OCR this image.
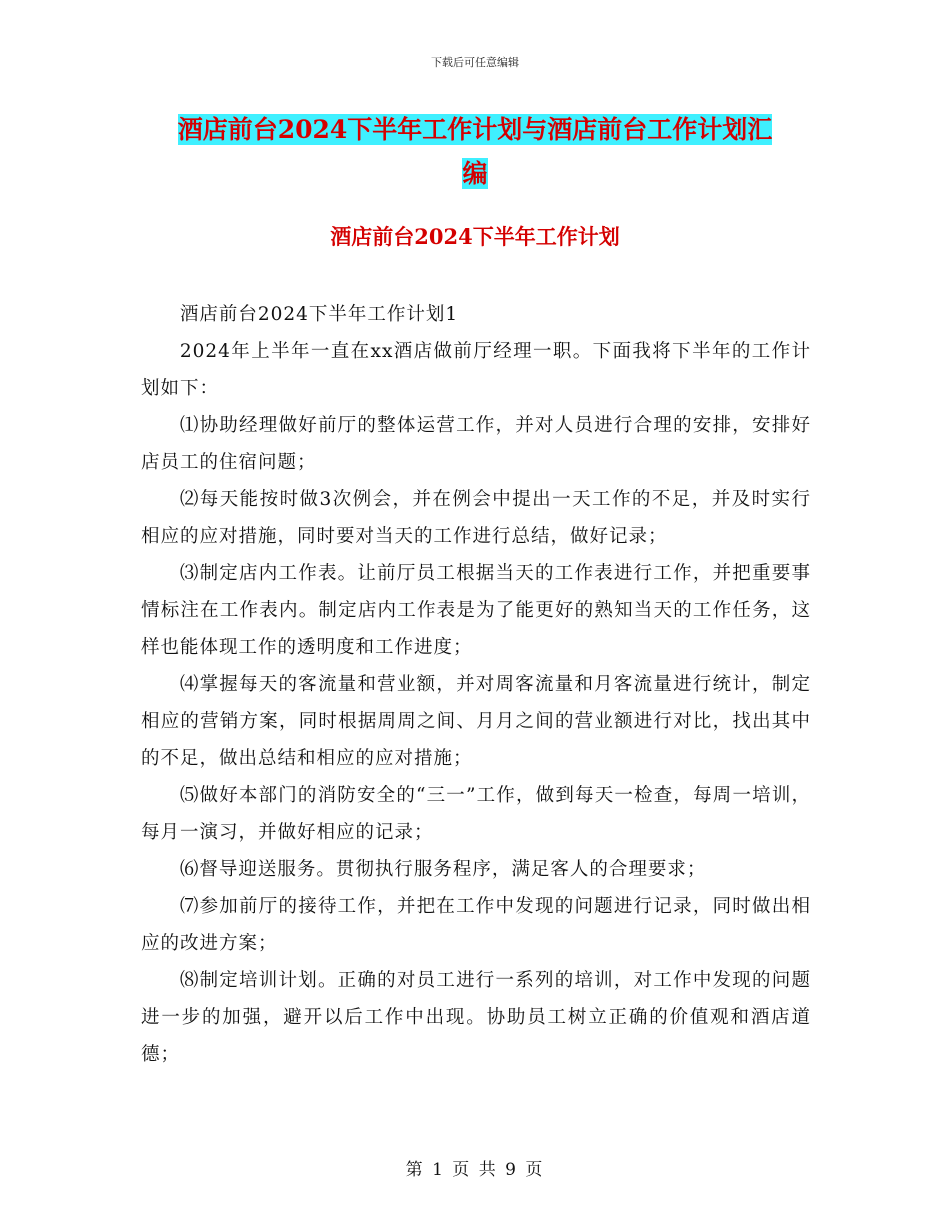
下载后可任意编辑
酒店前台2024下半年工作计划与酒店前台工作计划汇
编
酒店前台2024下半年工作计划

酒店前台2024下半年工作计划1

2024年上半年一直在xx酒店做前厅经理一职。下面我将下半年的工作计划如下：

⑴协助经理做好前厅的整体运营工作，并对人员进行合理的安排，安排好店员工的住宿问题；

⑵每天能按时做3次例会，并在例会中提出一天工作的不足，并及时实行相应的应对措施，同时要对当天的工作进行总结，做好记录；

⑶制定店内工作表。让前厅员工根据当天的工作表进行工作，并把重要事情标注在工作表内。制定店内工作表是为了能更好的熟知当天的工作任务，这样也能体现工作的透明度和工作进度；

⑷掌握每天的客流量和营业额，并对周客流量和月客流量进行统计，制定相应的营销方案，同时根据周周之间、月月之间的营业额进行对比，找出其中的不足，做出总结和相应的应对措施；

⑸做好本部门的消防安全的“三一”工作，做到每天一检查，每周一培训，每月一演习，并做好相应的记录；

⑹督导迎送服务。贯彻执行服务程序，满足客人的合理要求；

⑺参加前厅的接待工作，并把在工作中发现的问题进行记录，同时做出相应的改进方案；

⑻制定培训计划。正确的对员工进行一系列的培训，对工作中发现的问题进一步的加强，避开以后工作中出现。协助员工树立正确的价值观和酒店道德；

第 1 页 共 9 页
